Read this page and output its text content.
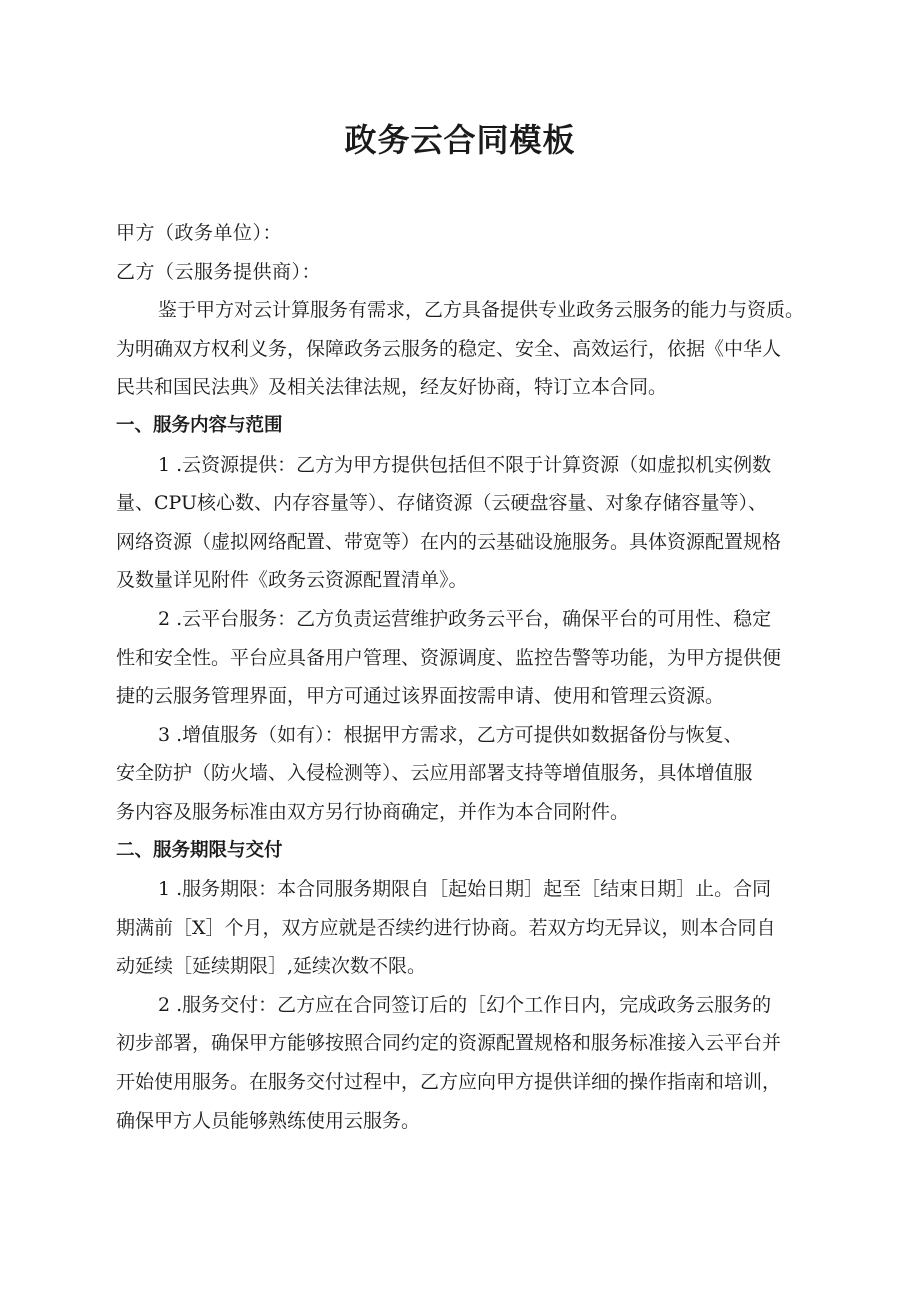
政务云合同模板

甲方（政务单位）：

乙方（云服务提供商）：

鉴于甲方对云计算服务有需求，乙方具备提供专业政务云服务的能力与资质。
为明确双方权利义务，保障政务云服务的稳定、安全、高效运行，依据《中华人
民共和国民法典》及相关法律法规，经友好协商，特订立本合同。

一、服务内容与范围

1 .云资源提供：乙方为甲方提供包括但不限于计算资源（如虚拟机实例数
量、CPU核心数、内存容量等）、存储资源（云硬盘容量、对象存储容量等）、
网络资源（虚拟网络配置、带宽等）在内的云基础设施服务。具体资源配置规格
及数量详见附件《政务云资源配置清单》。

2 .云平台服务：乙方负责运营维护政务云平台，确保平台的可用性、稳定
性和安全性。平台应具备用户管理、资源调度、监控告警等功能，为甲方提供便
捷的云服务管理界面，甲方可通过该界面按需申请、使用和管理云资源。

3 .增值服务（如有）：根据甲方需求，乙方可提供如数据备份与恢复、
安全防护（防火墙、入侵检测等）、云应用部署支持等增值服务，具体增值服
务内容及服务标准由双方另行协商确定，并作为本合同附件。

二、服务期限与交付

1 .服务期限：本合同服务期限自［起始日期］起至［结束日期］止。合同
期满前［X］个月，双方应就是否续约进行协商。若双方均无异议，则本合同自
动延续［延续期限］,延续次数不限。

2 .服务交付：乙方应在合同签订后的［幻个工作日内，完成政务云服务的
初步部署，确保甲方能够按照合同约定的资源配置规格和服务标准接入云平台并
开始使用服务。在服务交付过程中，乙方应向甲方提供详细的操作指南和培训，
确保甲方人员能够熟练使用云服务。
